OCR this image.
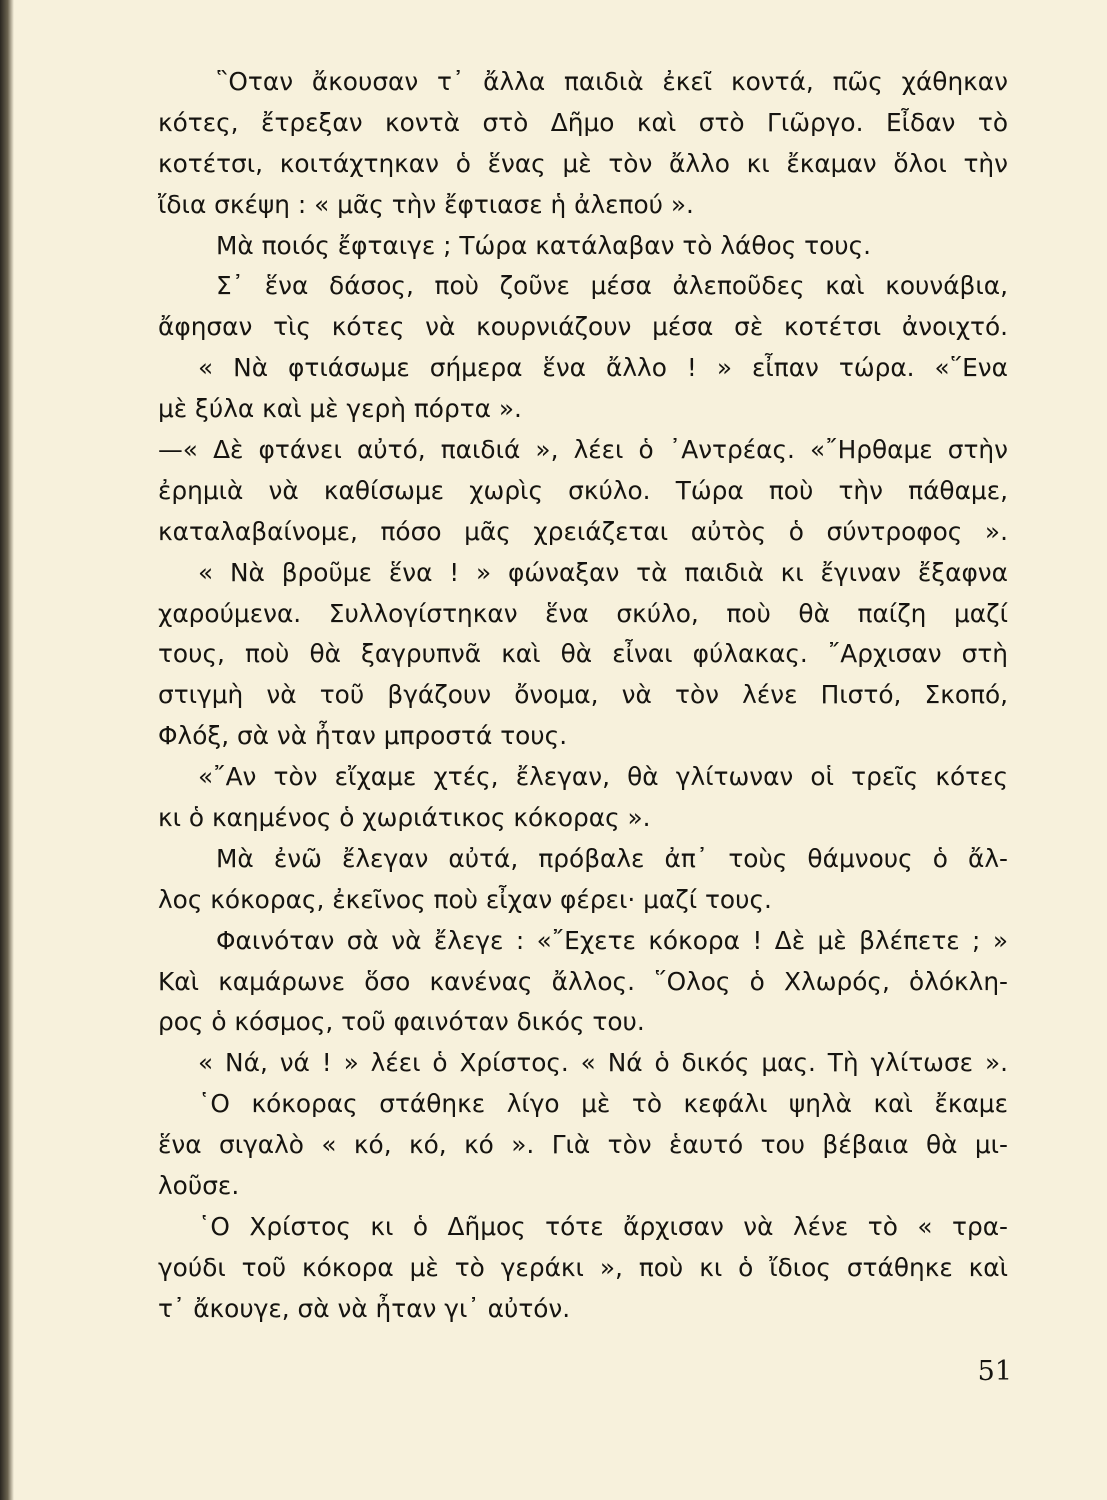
῝Οταν ἄκουσαν τ᾽ ἄλλα παιδιὰ ἐκεῖ κοντά, πῶς χάθηκαν
κότες, ἔτρεξαν κοντὰ στὸ Δῆμο καὶ στὸ Γιῶργο. Εἶδαν τὸ
κοτέτσι, κοιτάχτηκαν ὁ ἕνας μὲ τὸν ἄλλο κι ἔκαμαν ὅλοι τὴν
ἴδια σκέψη : « μᾶς τὴν ἔφτιασε ἡ ἀλεπού ».
Μὰ ποιός ἔφταιγε ; Τώρα κατάλαβαν τὸ λάθος τους.
Σ᾽ ἕνα δάσος, ποὺ ζοῦνε μέσα ἀλεποῦδες καὶ κουνάβια,
ἄφησαν τὶς κότες νὰ κουρνιάζουν μέσα σὲ κοτέτσι ἀνοιχτό.
« Νὰ φτιάσωμε σήμερα ἕνα ἄλλο ! » εἶπαν τώρα. «῞Ενα
μὲ ξύλα καὶ μὲ γερὴ πόρτα ».
—« Δὲ φτάνει αὐτό, παιδιά », λέει ὁ ᾽Αντρέας. «῎Ηρθαμε στὴν
ἐρημιὰ νὰ καθίσωμε χωρὶς σκύλο. Τώρα ποὺ τὴν πάθαμε,
καταλαβαίνομε, πόσο μᾶς χρειάζεται αὐτὸς ὁ σύντροφος ».
« Νὰ βροῦμε ἕνα ! » φώναξαν τὰ παιδιὰ κι ἔγιναν ἔξαφνα
χαρούμενα. Συλλογίστηκαν ἕνα σκύλο, ποὺ θὰ παίζη μαζί
τους, ποὺ θὰ ξαγρυπνᾶ καὶ θὰ εἶναι φύλακας. ῎Αρχισαν στὴ
στιγμὴ νὰ τοῦ βγάζουν ὄνομα, νὰ τὸν λένε Πιστό, Σκοπό,
Φλόξ, σὰ νὰ ἦταν μπροστά τους.
«῎Αν τὸν εἴχαμε χτές, ἔλεγαν, θὰ γλίτωναν οἱ τρεῖς κότες
κι ὁ καημένος ὁ χωριάτικος κόκορας ».
Μὰ ἐνῶ ἔλεγαν αὐτά, πρόβαλε ἀπ᾽ τοὺς θάμνους ὁ ἄλ-
λος κόκορας, ἐκεῖνος ποὺ εἶχαν φέρει· μαζί τους.
Φαινόταν σὰ νὰ ἔλεγε : «῎Εχετε κόκορα ! Δὲ μὲ βλέπετε ; »
Καὶ καμάρωνε ὅσο κανένας ἄλλος. ῞Ολος ὁ Χλωρός, ὁλόκλη-
ρος ὁ κόσμος, τοῦ φαινόταν δικός του.
« Νά, νά ! » λέει ὁ Χρίστος. « Νά ὁ δικός μας. Τὴ γλίτωσε ».
῾Ο κόκορας στάθηκε λίγο μὲ τὸ κεφάλι ψηλὰ καὶ ἔκαμε
ἕνα σιγαλὸ « κό, κό, κό ». Γιὰ τὸν ἑαυτό του βέβαια θὰ μι-
λοῦσε.
῾Ο Χρίστος κι ὁ Δῆμος τότε ἄρχισαν νὰ λένε τὸ « τρα-
γούδι τοῦ κόκορα μὲ τὸ γεράκι », ποὺ κι ὁ ἴδιος στάθηκε καὶ
τ᾽ ἄκουγε, σὰ νὰ ἦταν γι᾽ αὐτόν.
51
